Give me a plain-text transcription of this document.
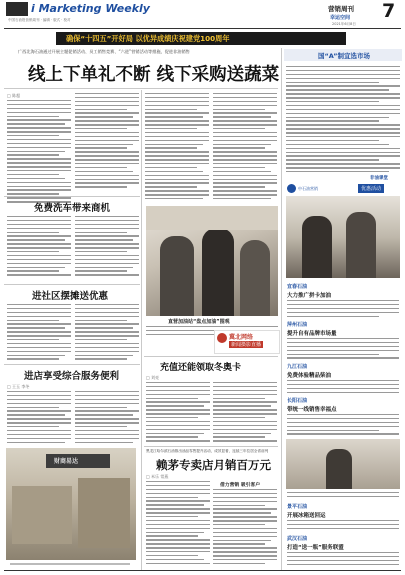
i Marketing Weekly
中国石油报营销周刊 · 编辑 · 版式 · 校对
营销周刊
幸运空间 7
2021年6月8日
确保“十四五”开好局 以优异成绩庆祝建党100周年
广西北海石油通过开展主题促销活动、员工销售竞赛、“六进”营销活动等措施，促进非油销售
线上下单礼不断 线下采购送蔬菜
□ 陈超
免费洗车带来商机
进社区摆摊送优惠
进店享受综合服务便利
□ 王玉 李冬
财商易达
直营加油站“盘点加油”围观
冀北网络
新闻摄影直播
充值还能领取冬奥卡
□ 刘亮
黑龙江哈尔滨石油推出油品零售提升活动，成效显著，连续三年位居全省前列
赖茅专卖店月销百万元
□ 米乐 常燕
借力营销 吸引客户
国“A”制宜选市场
非油课堂
中石油营销	优惠活动
宜春石油
大力推广拼卡加油
萍州石油
提升自有品牌市场量
九江石油
免费体验精品柴油
长阳石油
带统一线销售幸福点
景平石油
开展冰箱送回运
武汉石油
打造“送一瓶”服务联盟
